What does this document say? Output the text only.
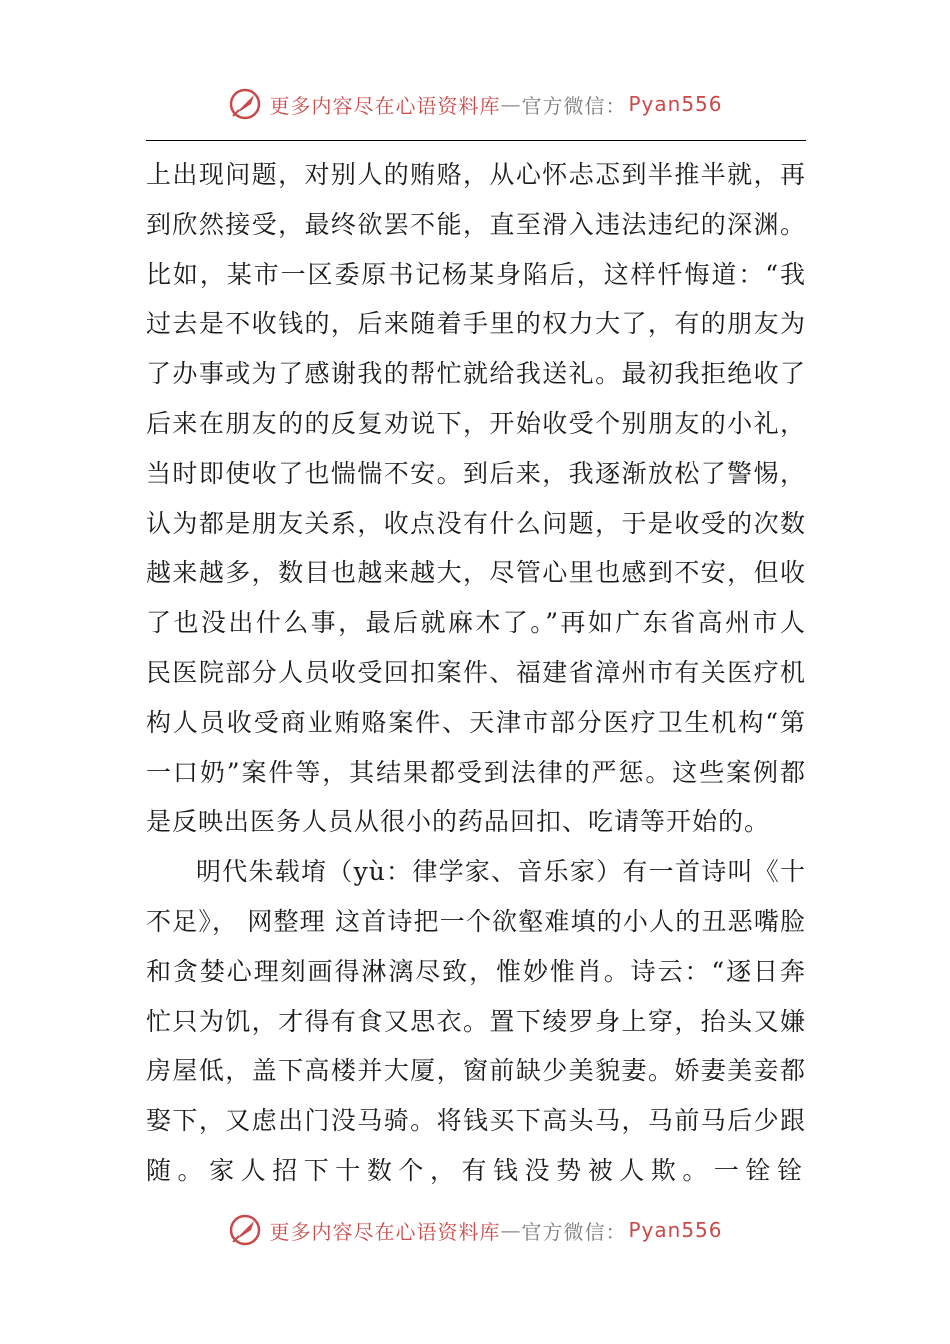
更多内容尽在心语资料库 — 官方微信： Pyan556
上出现问题，对别人的贿赂，从心怀忐忑到半推半就，再
到欣然接受，最终欲罢不能，直至滑入违法违纪的深渊。
比如，某市一区委原书记杨某身陷后，这样忏悔道：“我
过去是不收钱的，后来随着手里的权力大了，有的朋友为
了办事或为了感谢我的帮忙就给我送礼。最初我拒绝收了
后来在朋友的的反复劝说下，开始收受个别朋友的小礼，
当时即使收了也惴惴不安。到后来，我逐渐放松了警惕，
认为都是朋友关系，收点没有什么问题，于是收受的次数
越来越多，数目也越来越大，尽管心里也感到不安，但收
了也没出什么事，最后就麻木了。”再如广东省高州市人
民医院部分人员收受回扣案件、福建省漳州市有关医疗机
构人员收受商业贿赂案件、天津市部分医疗卫生机构“第
一口奶”案件等，其结果都受到法律的严惩。这些案例都
是反映出医务人员从很小的药品回扣、吃请等开始的。
明代朱载堉（yù：律学家、音乐家）有一首诗叫《十
不足》， 网整理 这首诗把一个欲壑难填的小人的丑恶嘴脸
和贪婪心理刻画得淋漓尽致，惟妙惟肖。诗云：“逐日奔
忙只为饥，才得有食又思衣。置下绫罗身上穿，抬头又嫌
房屋低，盖下高楼并大厦，窗前缺少美貌妻。娇妻美妾都
娶下，又虑出门没马骑。将钱买下高头马，马前马后少跟
随。家人招下十数个，有钱没势被人欺。一铨铨
更多内容尽在心语资料库 — 官方微信： Pyan556
